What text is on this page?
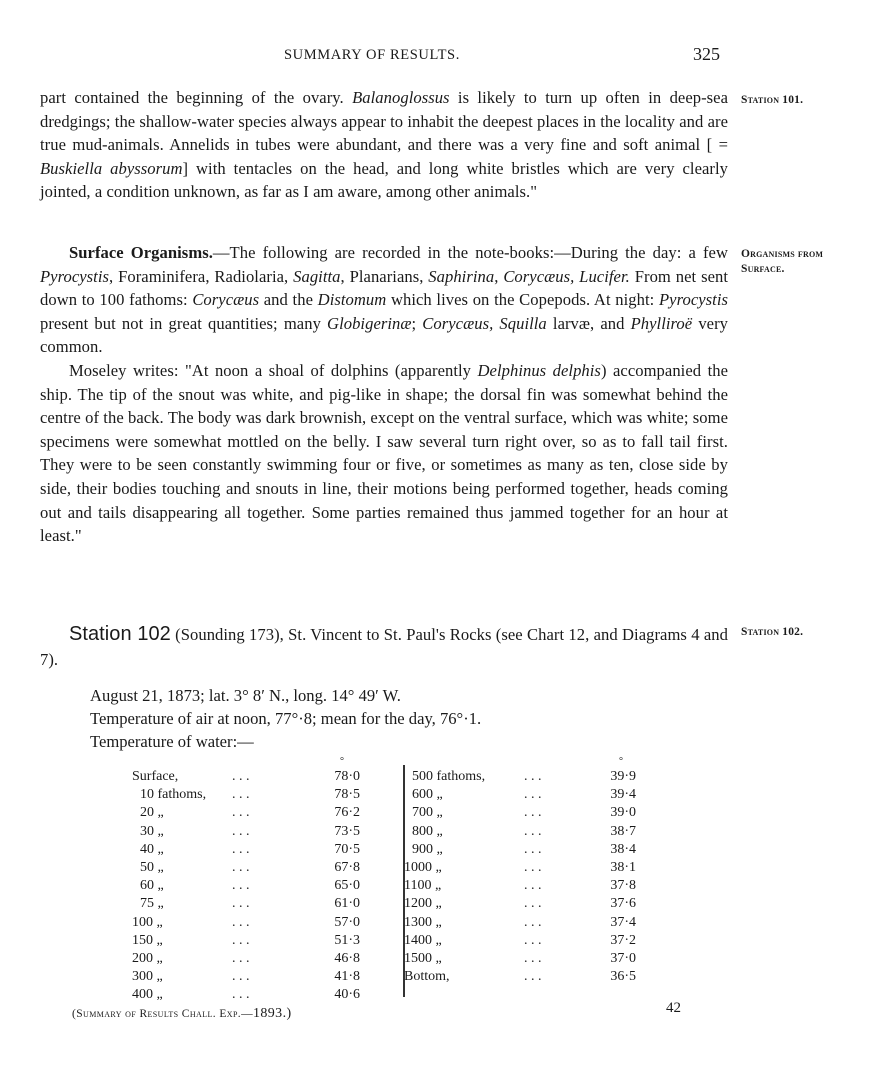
SUMMARY OF RESULTS.	325

part contained the beginning of the ovary. Balanoglossus is likely to turn up often in deep-sea dredgings; the shallow-water species always appear to inhabit the deepest places in the locality and are true mud-animals. Annelids in tubes were abundant, and there was a very fine and soft animal [ = Buskiella abyssorum] with tentacles on the head, and long white bristles which are very clearly jointed, a condition unknown, as far as I am aware, among other animals."

Station 101.

Surface Organisms.—The following are recorded in the note-books:—During the day: a few Pyrocystis, Foraminifera, Radiolaria, Sagitta, Planarians, Saphirina, Corycæus, Lucifer. From net sent down to 100 fathoms: Corycæus and the Distomum which lives on the Copepods. At night: Pyrocystis present but not in great quantities; many Globigerinæ; Corycæus, Squilla larvæ, and Phylliroë very common.

Moseley writes: "At noon a shoal of dolphins (apparently Delphinus delphis) accompanied the ship. The tip of the snout was white, and pig-like in shape; the dorsal fin was somewhat behind the centre of the back. The body was dark brownish, except on the ventral surface, which was white; some specimens were somewhat mottled on the belly. I saw several turn right over, so as to fall tail first. They were to be seen constantly swimming four or five, or sometimes as many as ten, close side by side, their bodies touching and snouts in line, their motions being performed together, heads coming out and tails disappearing all together. Some parties remained thus jammed together for an hour at least."

Organisms from
Surface.

Station 102 (Sounding 173), St. Vincent to St. Paul's Rocks (see Chart 12, and Diagrams 4 and 7).

Station 102.
August 21, 1873; lat. 3° 8′ N., long. 14° 49′ W.
Temperature of air at noon, 77°·8; mean for the day, 76°·1.
Temperature of water:—
°	°
Surface,	. . .	78·0
10 fathoms,	. . .	78·5
20 „	. . .	76·2
30 „	. . .	73·5
40 „	. . .	70·5
50 „	. . .	67·8
60 „	. . .	65·0
75 „	. . .	61·0
100 „	. . .	57·0
150 „	. . .	51·3
200 „	. . .	46·8
300 „	. . .	41·8
400 „	. . .	40·6
500 fathoms,	. . .	39·9
600 „	. . .	39·4
700 „	. . .	39·0
800 „	. . .	38·7
900 „	. . .	38·4
1000 „	. . .	38·1
1100 „	. . .	37·8
1200 „	. . .	37·6
1300 „	. . .	37·4
1400 „	. . .	37·2
1500 „	. . .	37·0
Bottom,	. . .	36·5
(Summary of Results Chall. Exp.—1893.)	42
